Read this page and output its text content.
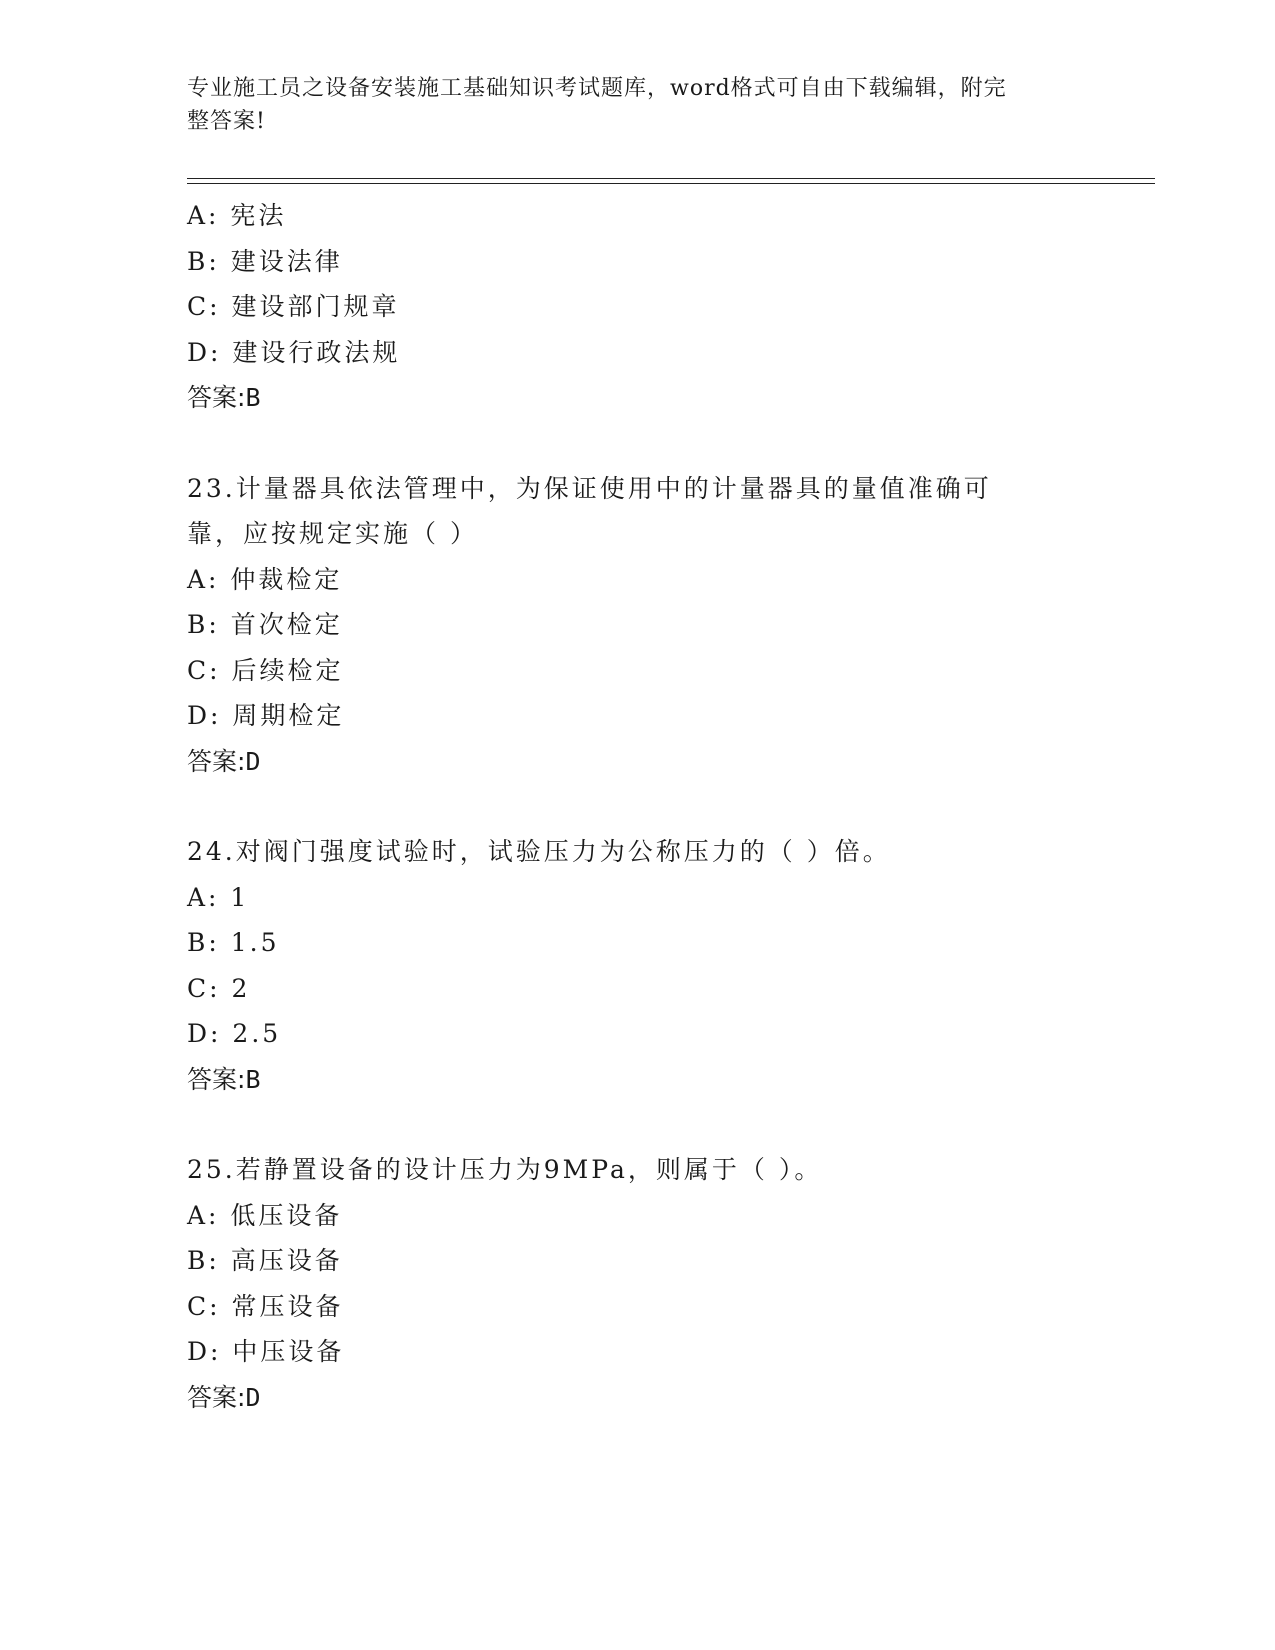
专业施工员之设备安装施工基础知识考试题库，word格式可自由下载编辑，附完
整答案!
A: 宪法
B: 建设法律
C: 建设部门规章
D: 建设行政法规
答案:B
23.计量器具依法管理中，为保证使用中的计量器具的量值准确可靠，应按规定实施（ ）
A: 仲裁检定
B: 首次检定
C: 后续检定
D: 周期检定
答案:D
24.对阀门强度试验时，试验压力为公称压力的（ ）倍。
A: 1
B: 1.5
C: 2
D: 2.5
答案:B
25.若静置设备的设计压力为9MPa，则属于（ ）。
A: 低压设备
B: 高压设备
C: 常压设备
D: 中压设备
答案:D
